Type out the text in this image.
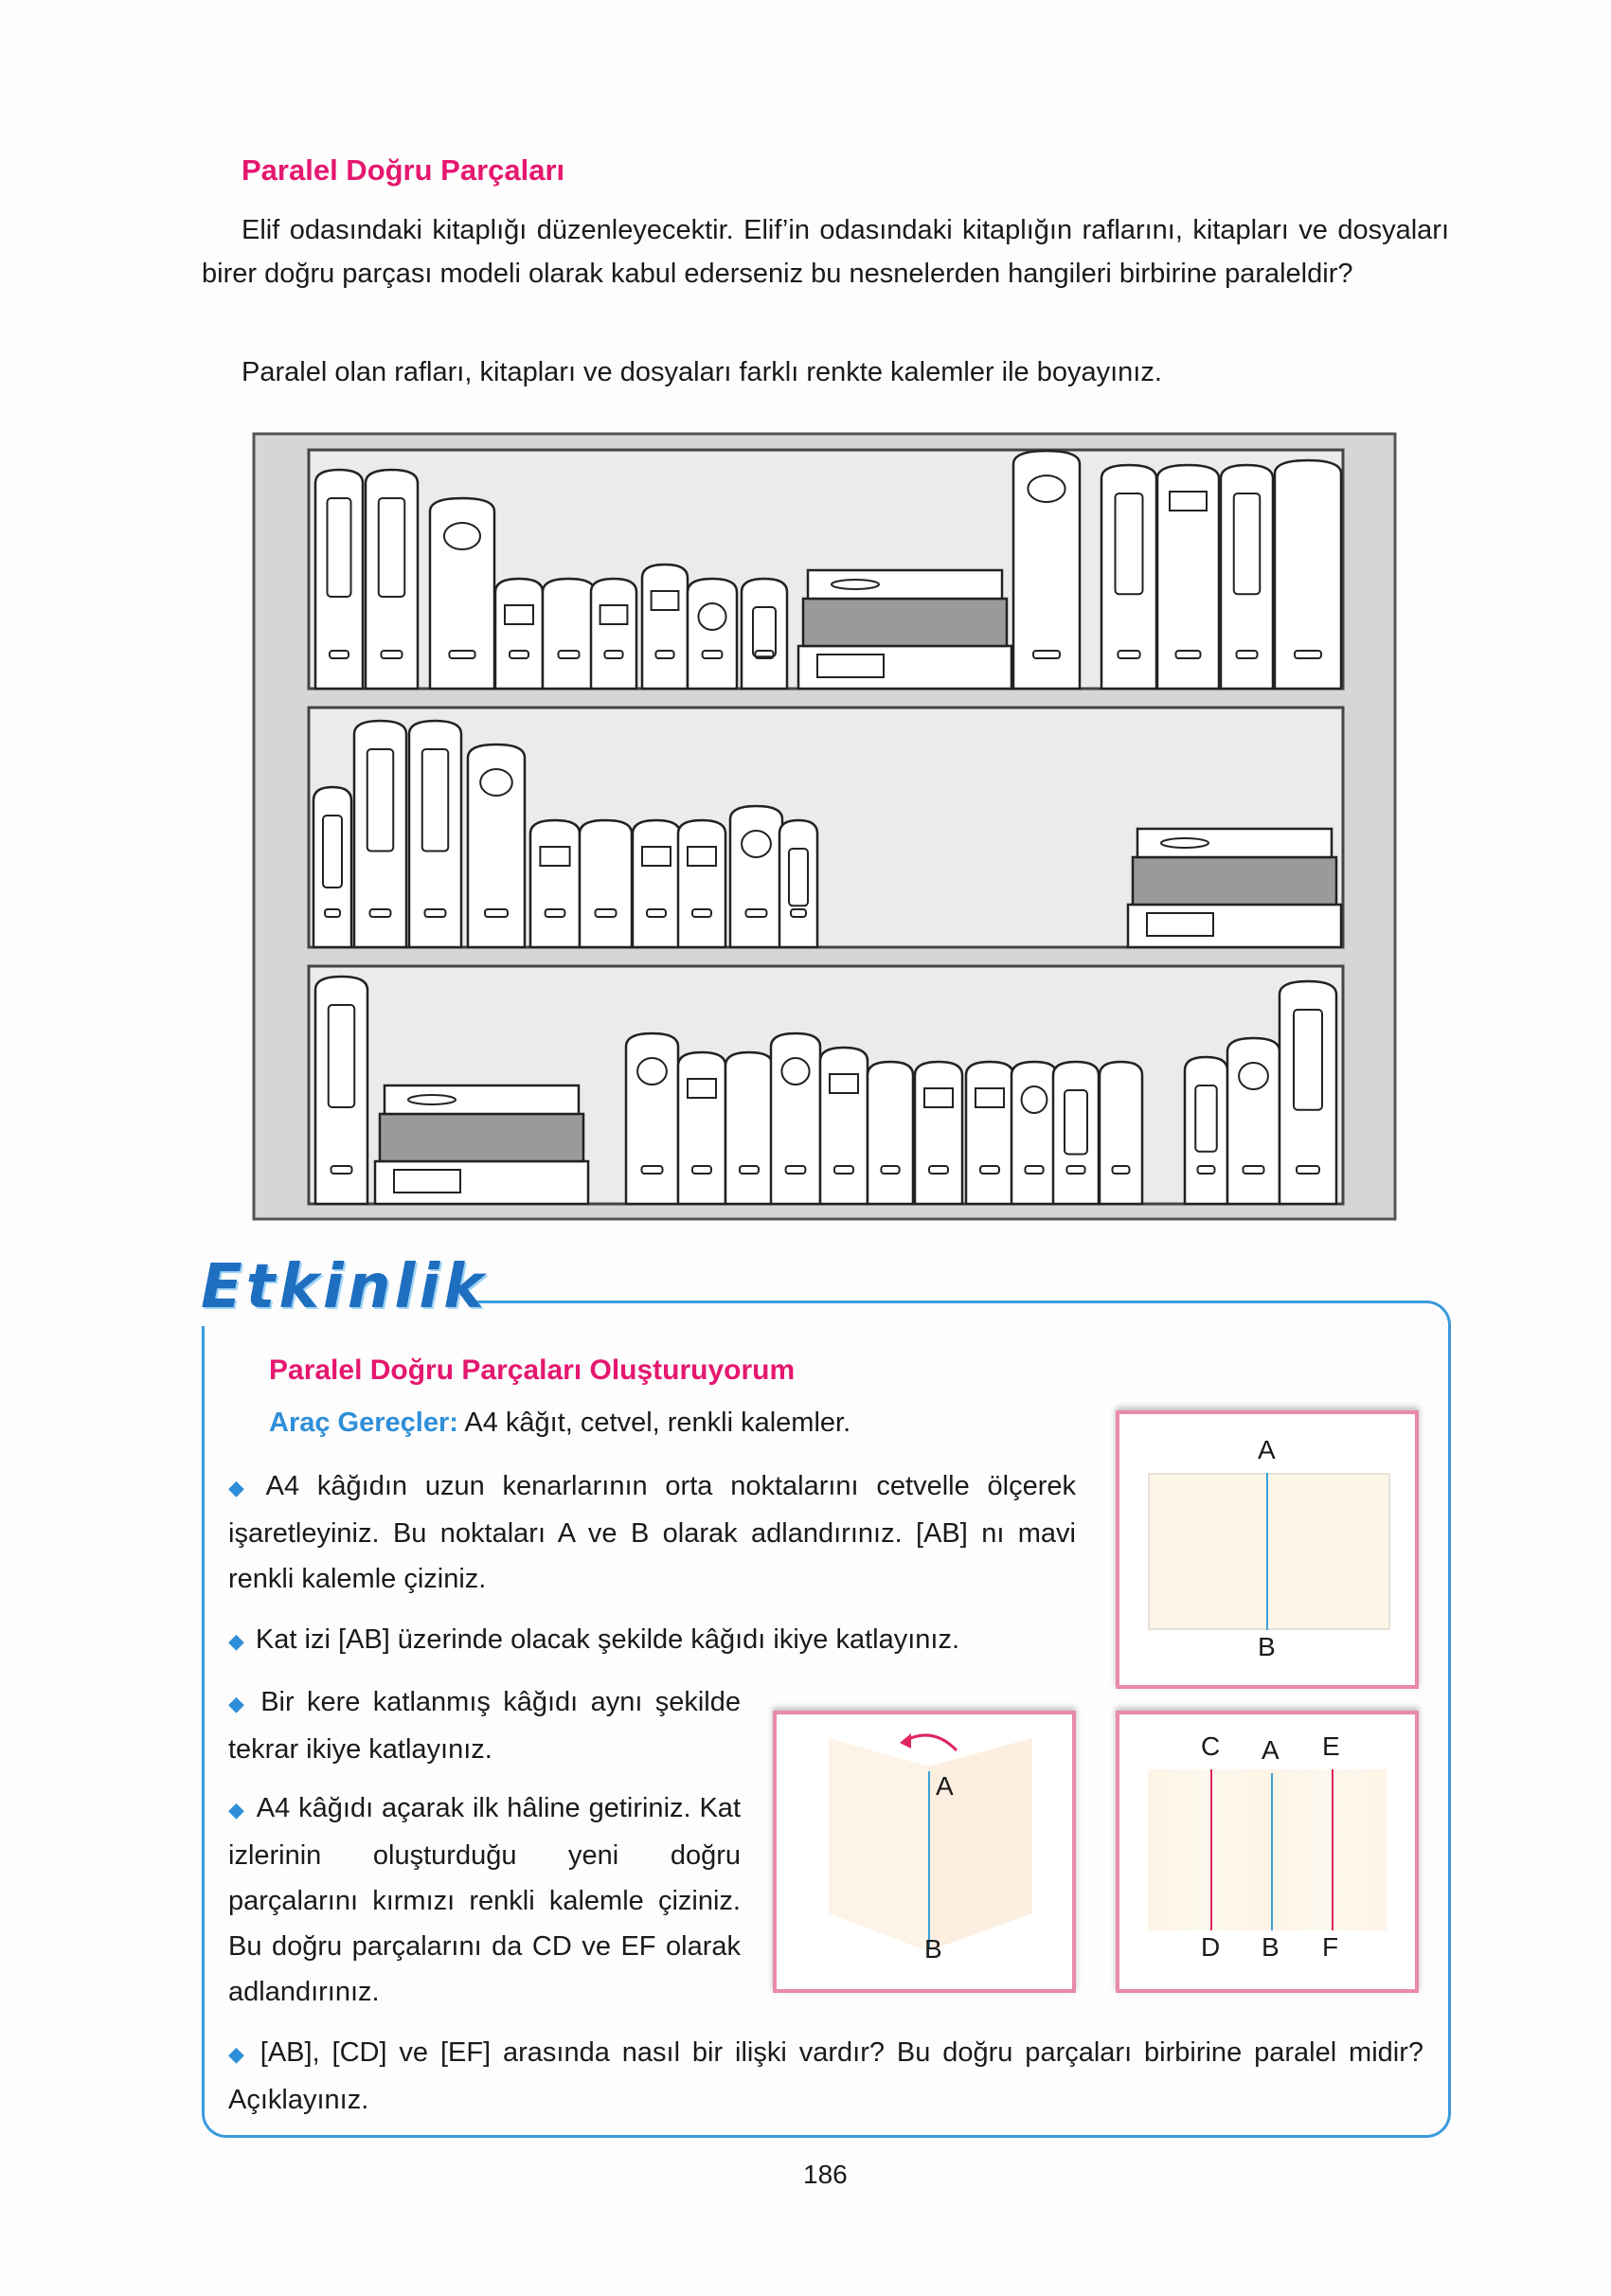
Paralel Doğru Parçaları

Elif odasındaki kitaplığı düzenleyecektir. Elif’in odasındaki kitaplığın raflarını, kitapları ve dosyaları birer doğru parçası modeli olarak kabul ederseniz bu nesnelerden hangileri birbirine paraleldir?

Paralel olan rafları, kitapları ve dosyaları farklı renkte kalemler ile boyayınız.

Etkinlik
Paralel Doğru Parçaları Oluşturuyorum
Araç Gereçler: A4 kâğıt, cetvel, renkli kalemler.

◆ A4 kâğıdın uzun kenarlarının orta noktalarını cetvelle ölçerek işaretleyiniz. Bu noktaları A ve B olarak adlandırınız. [AB] nı mavi renkli kalemle çiziniz.

◆ Kat izi [AB] üzerinde olacak şekilde kâğıdı ikiye katlayınız.

◆ Bir kere katlanmış kâğıdı aynı şekilde tekrar ikiye katlayınız.

◆ A4 kâğıdı açarak ilk hâline getiriniz. Kat izlerinin oluşturduğu yeni doğru parçalarını kırmızı renkli kalemle çiziniz. Bu doğru parçalarını da CD ve EF olarak adlandırınız.

◆ [AB], [CD] ve [EF] arasında nasıl bir ilişki vardır? Bu doğru parçaları birbirine paralel midir? Açıklayınız.

A
B
A
B
C A E
D B F
186
